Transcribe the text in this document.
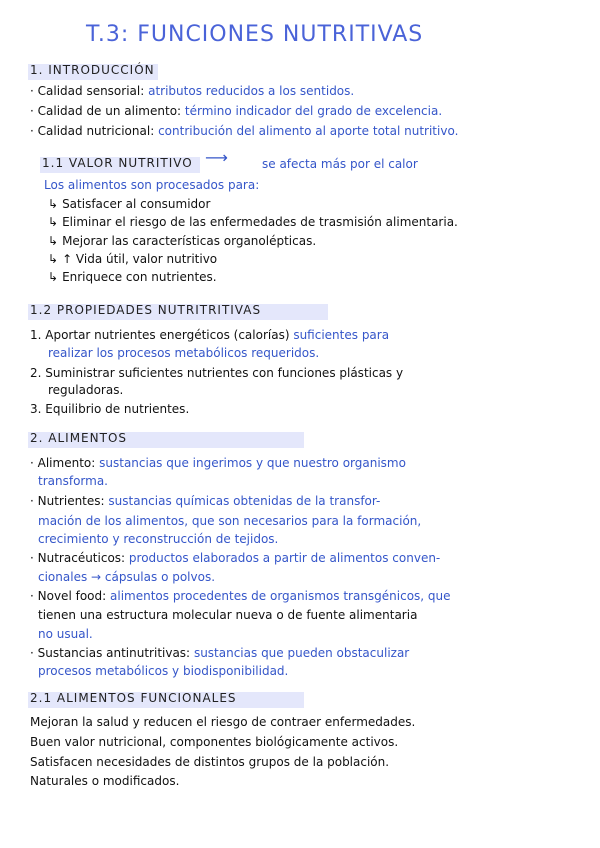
T.3: FUNCIONES NUTRITIVAS
1. INTRODUCCIÓN
· Calidad sensorial: atributos reducidos a los sentidos.
· Calidad de un alimento: término indicador del grado de excelencia.
· Calidad nutricional: contribución del alimento al aporte total nutritivo.
1.1 VALOR NUTRITIVO ⟶	se afecta más por el calor
Los alimentos son procesados para:
↳ Satisfacer al consumidor
↳ Eliminar el riesgo de las enfermedades de trasmisión alimentaria.
↳ Mejorar las características organolépticas.
↳ ↑ Vida útil, valor nutritivo
↳ Enriquece con nutrientes.
1.2 PROPIEDADES NUTRITRITIVAS
1. Aportar nutrientes energéticos (calorías) suficientes para
realizar los procesos metabólicos requeridos.
2. Suministrar suficientes nutrientes con funciones plásticas y
reguladoras.
3. Equilibrio de nutrientes.
2. ALIMENTOS
· Alimento: sustancias que ingerimos y que nuestro organismo
transforma.
· Nutrientes: sustancias químicas obtenidas de la transfor-
mación de los alimentos, que son necesarios para la formación,
crecimiento y reconstrucción de tejidos.
· Nutracéuticos: productos elaborados a partir de alimentos conven-
cionales → cápsulas o polvos.
· Novel food: alimentos procedentes de organismos transgénicos, que
tienen una estructura molecular nueva o de fuente alimentaria
no usual.
· Sustancias antinutritivas: sustancias que pueden obstaculizar
procesos metabólicos y biodisponibilidad.
2.1 ALIMENTOS FUNCIONALES
Mejoran la salud y reducen el riesgo de contraer enfermedades.
Buen valor nutricional, componentes biológicamente activos.
Satisfacen necesidades de distintos grupos de la población.
Naturales o modificados.
